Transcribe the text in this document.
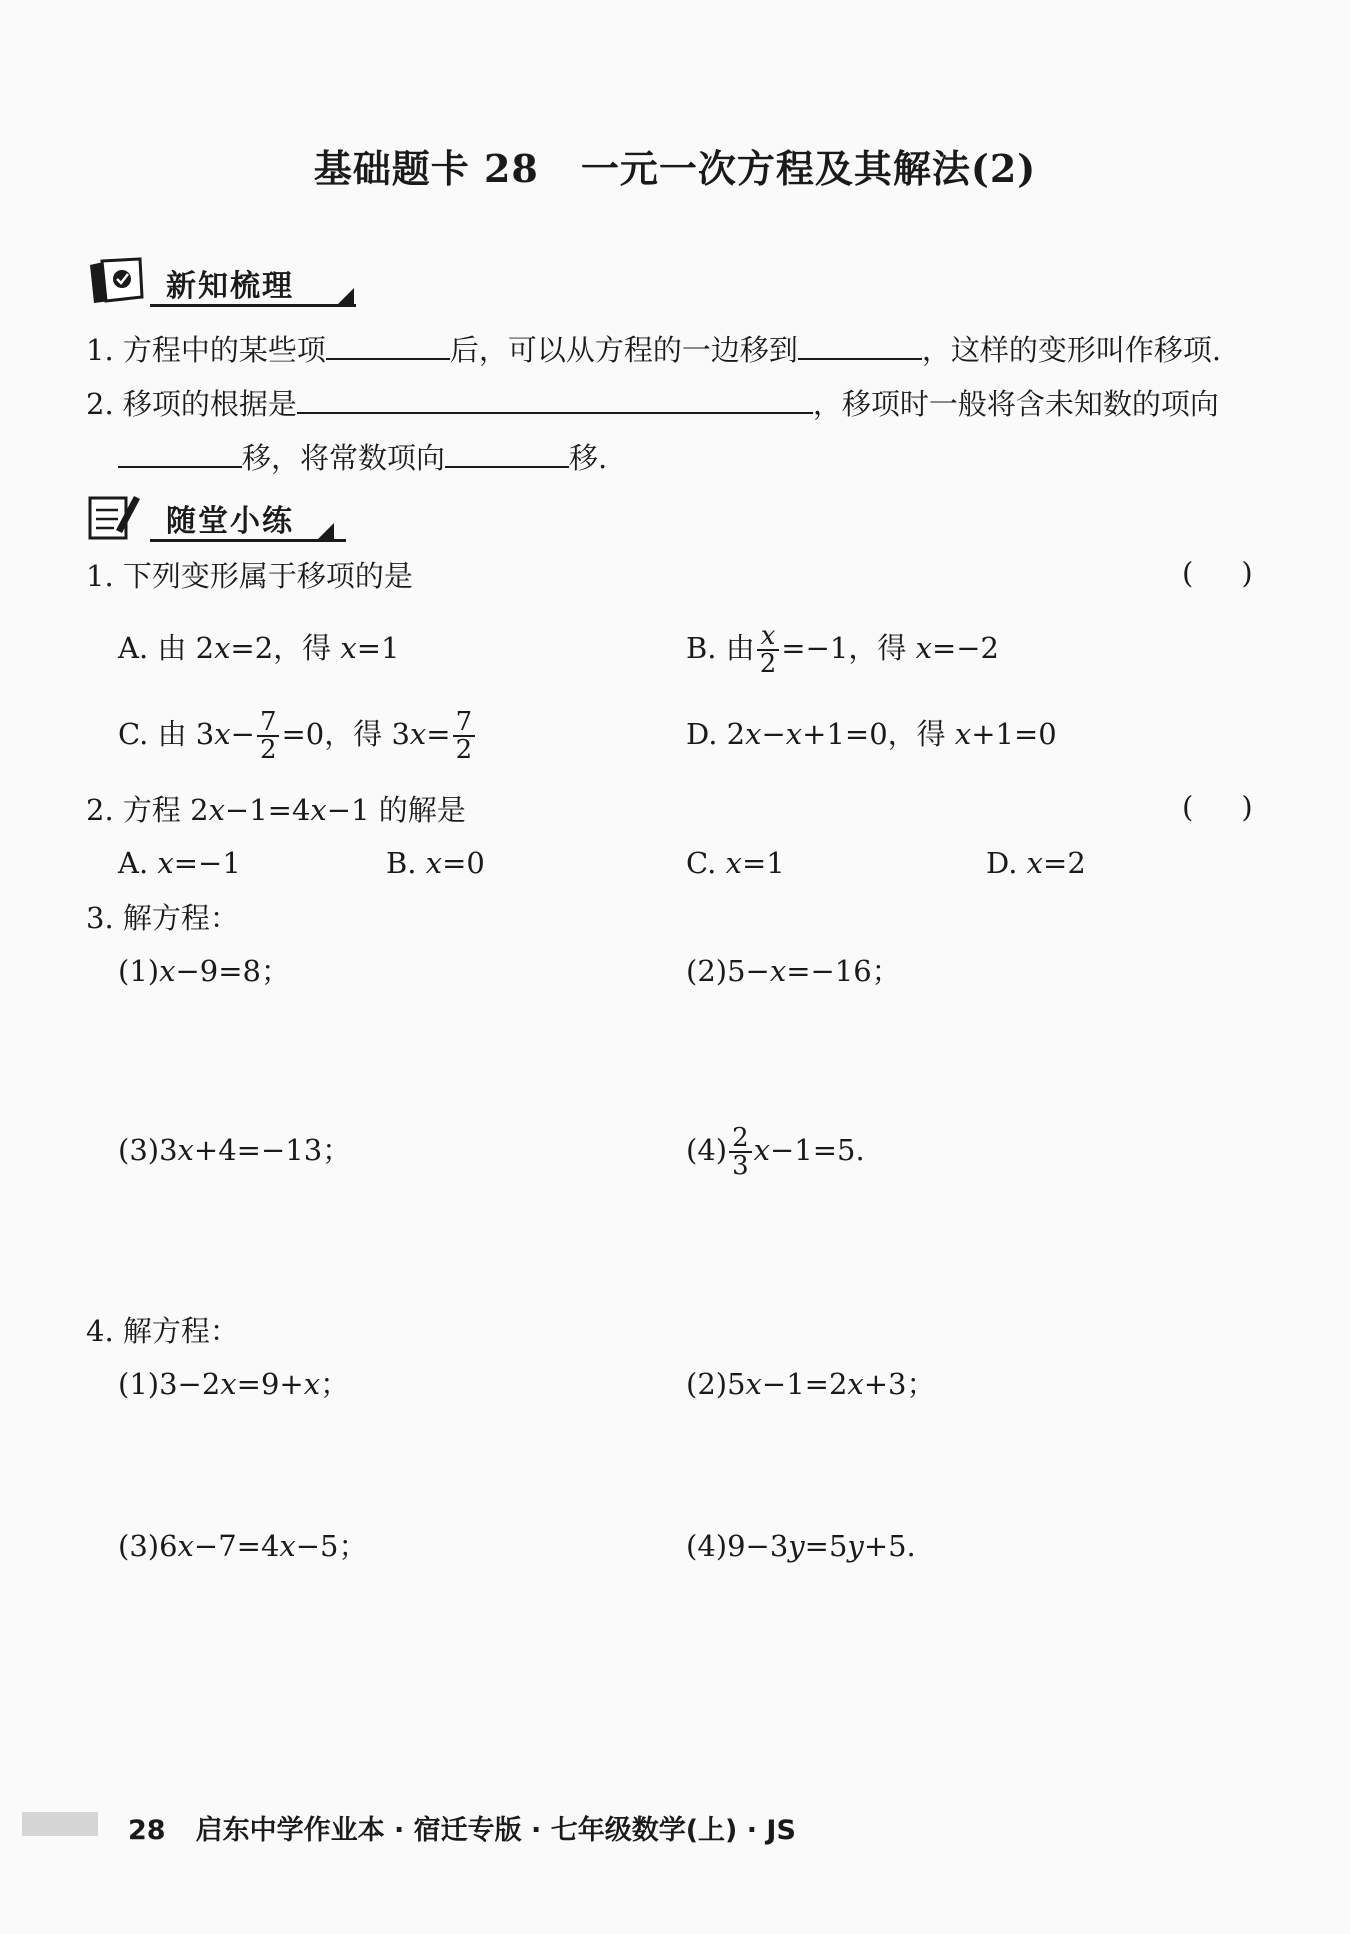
基础题卡 28 一元一次方程及其解法(2)
新知梳理
1. 方程中的某些项	后，可以从方程的一边移到	，这样的变形叫作移项.
2. 移项的根据是	，移项时一般将含未知数的项向
移，将常数项向	移.
随堂小练
1. 下列变形属于移项的是	( )
A. 由 2x=2，得 x=1	B. 由 $\frac{x}{2} =-1$，得 x=−2
C. 由 $3x- \frac{7}{2} =0$，得 $3x= \frac{7}{2}$	D. 2x−x+1=0，得 x+1=0
2. 方程 2x−1=4x−1 的解是	( )
A. x=−1	B. x=0	C. x=1	D. x=2
3. 解方程：
(1)x−9=8；	(2)5−x=−16；
(3)3x+4=−13；	$(4) \frac{2}{3} x-1=5$.
4. 解方程：
(1)3−2x=9+x；	(2)5x−1=2x+3；
(3)6x−7=4x−5；	(4)9−3y=5y+5.
28 启东中学作业本 · 宿迁专版 · 七年级数学(上) · JS
